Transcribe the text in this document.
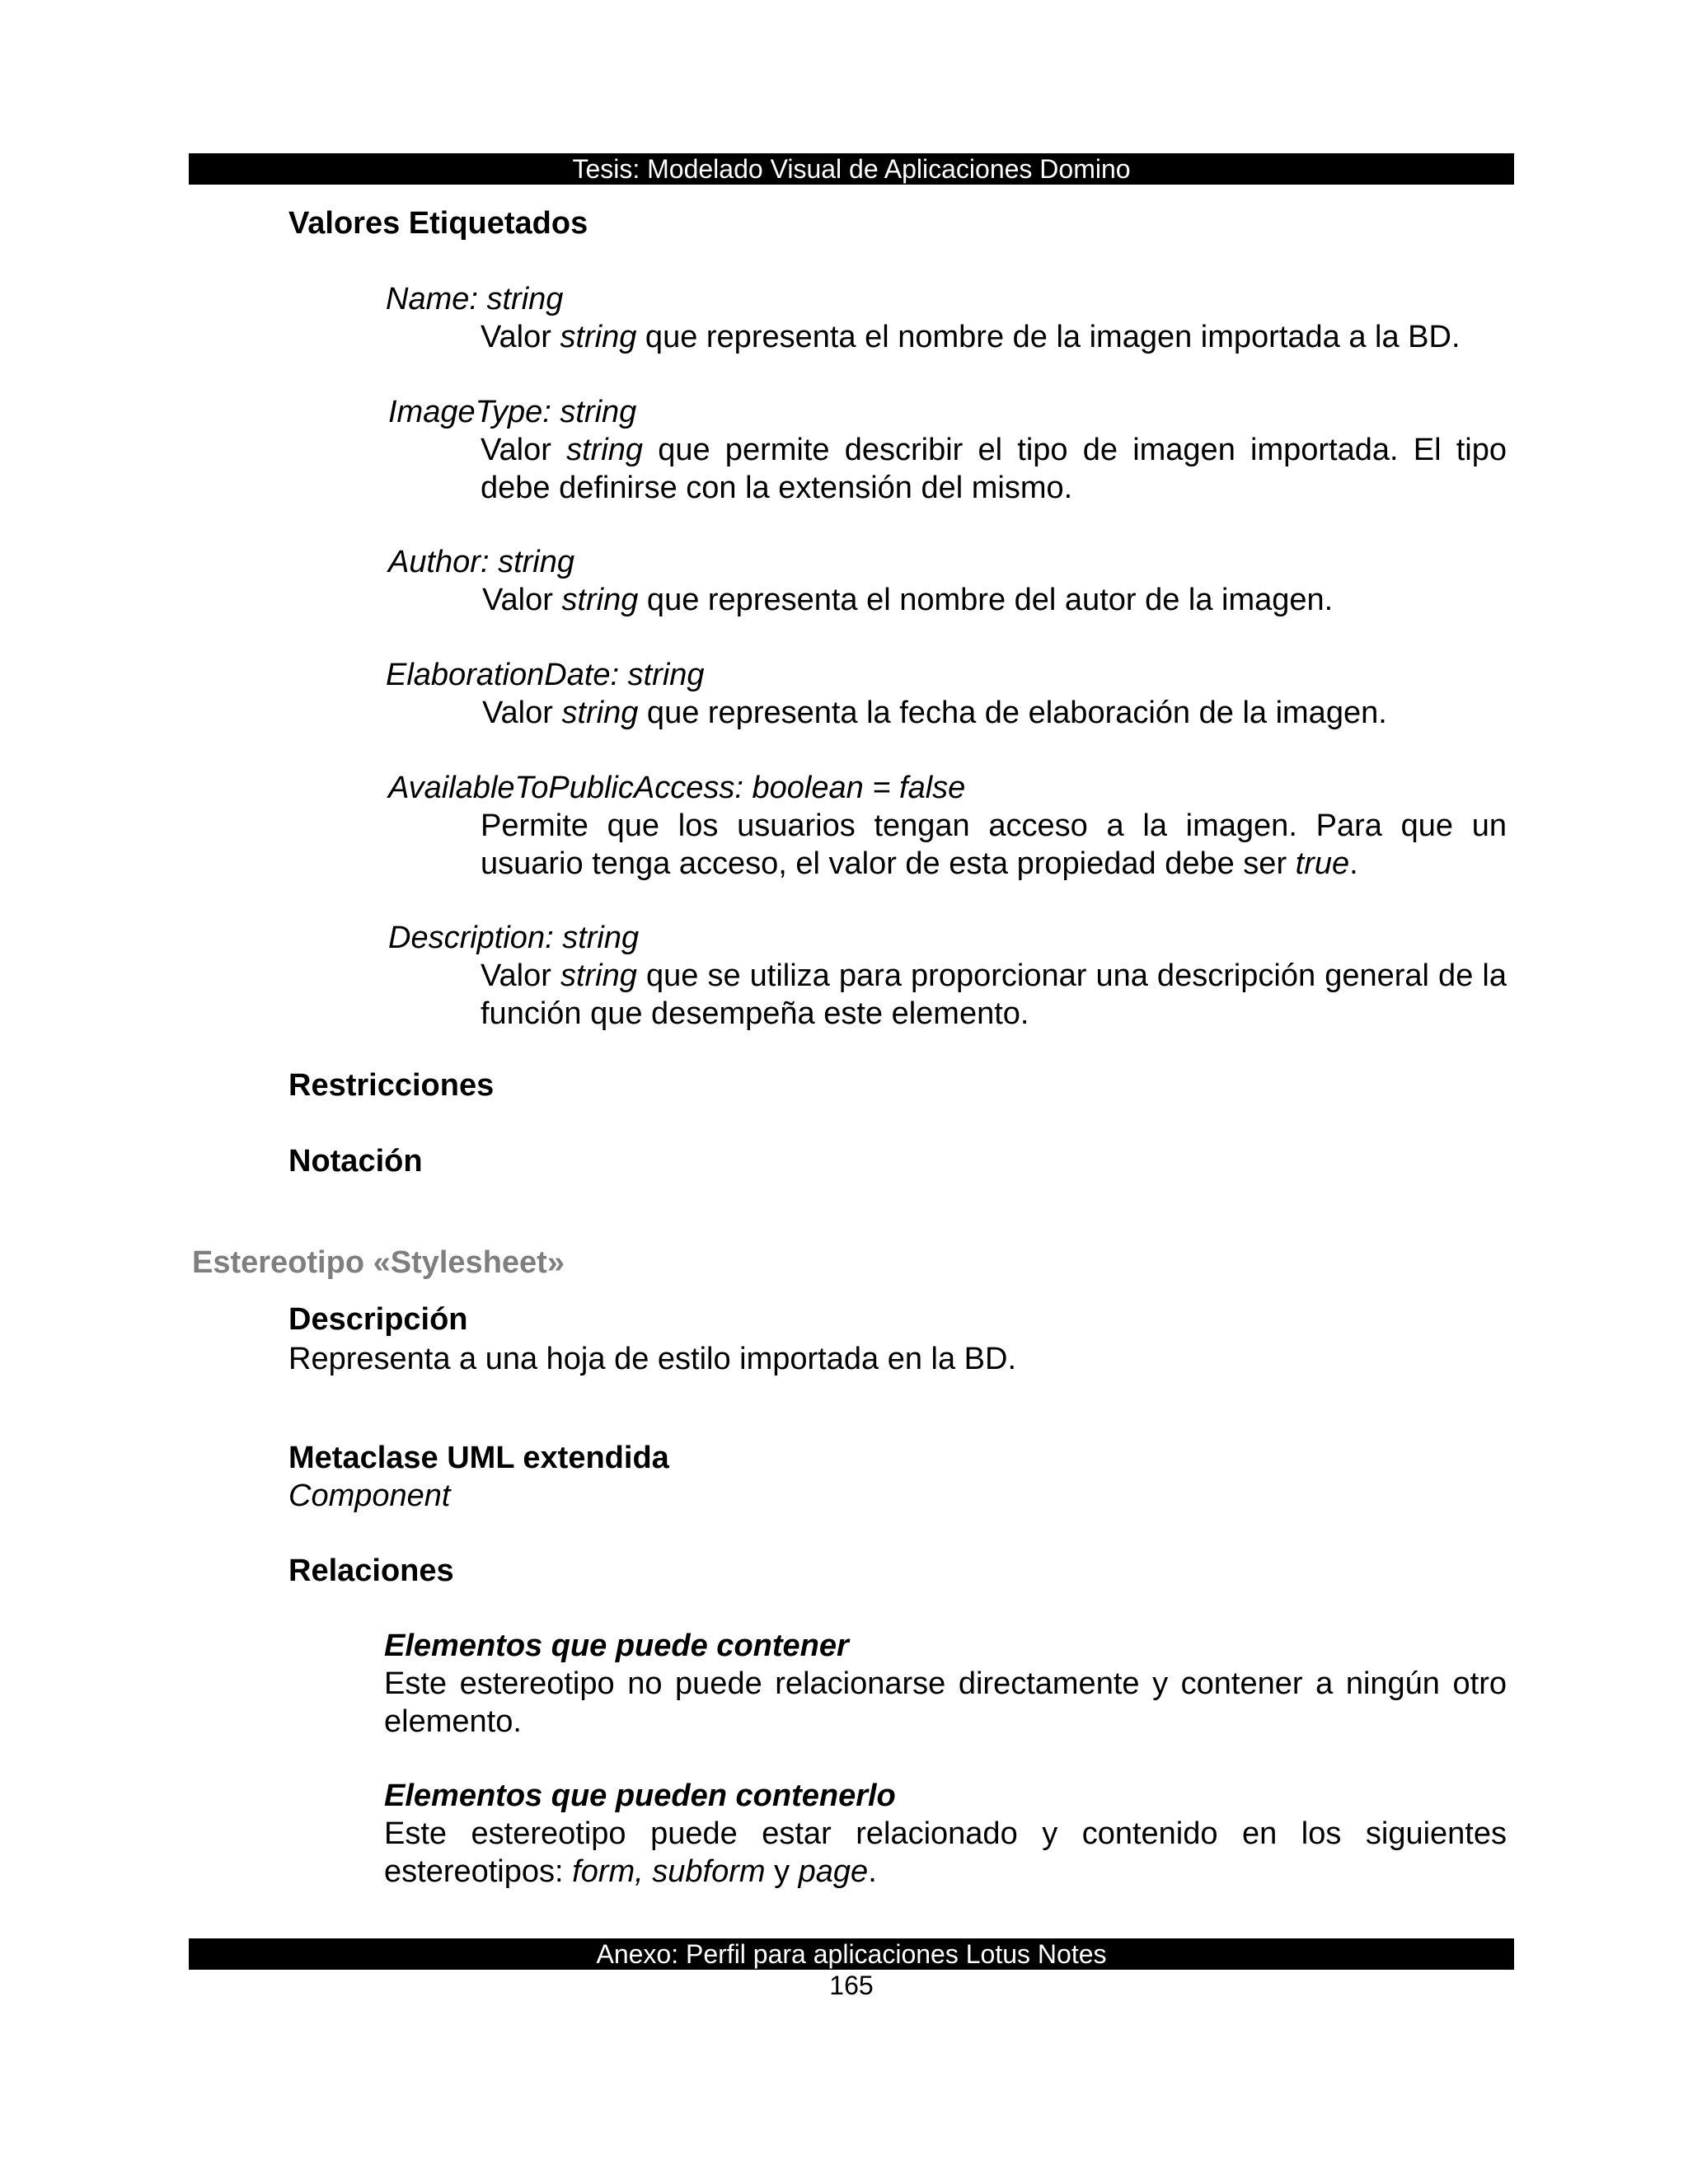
Tesis: Modelado Visual de Aplicaciones Domino
Valores Etiquetados
Name: string
Valor string que representa el nombre de la imagen importada a la BD.
ImageType: string
Valor string que permite describir el tipo de imagen importada. El tipo debe definirse con la extensión del mismo.
Author: string
Valor string que representa el nombre del autor de la imagen.
ElaborationDate: string
Valor string que representa la fecha de elaboración de la imagen.
AvailableToPublicAccess: boolean = false
Permite que los usuarios tengan acceso a la imagen. Para que un usuario tenga acceso, el valor de esta propiedad debe ser true.
Description: string
Valor string que se utiliza para proporcionar una descripción general de la función que desempeña este elemento.
Restricciones
Notación
Estereotipo «Stylesheet»
Descripción
Representa a una hoja de estilo importada en la BD.
Metaclase UML extendida
Component
Relaciones
Elementos que puede contener
Este estereotipo no puede relacionarse directamente y contener a ningún otro elemento.
Elementos que pueden contenerlo
Este estereotipo puede estar relacionado y contenido en los siguientes estereotipos: form, subform y page.
Anexo: Perfil para aplicaciones Lotus Notes
165
